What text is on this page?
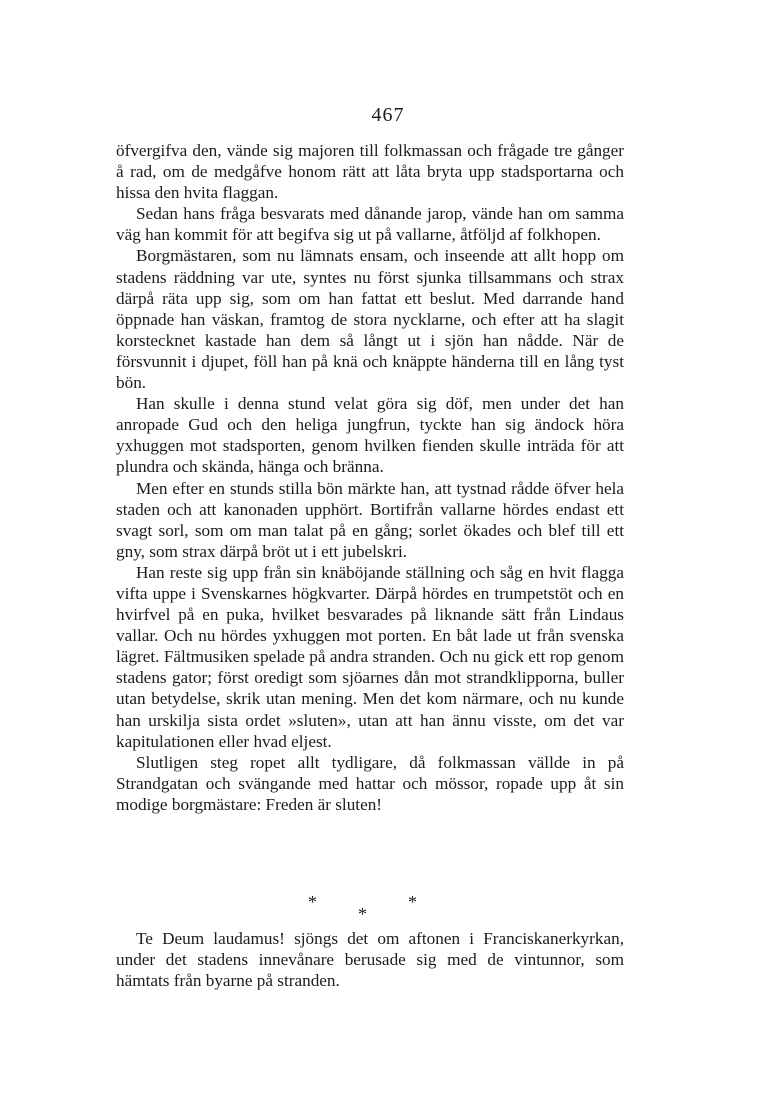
467

öfvergifva den, vände sig majoren till folkmassan och frågade tre gånger å rad, om de medgåfve honom rätt att låta bryta upp stadsportarna och hissa den hvita flaggan.

Sedan hans fråga besvarats med dånande jarop, vände han om samma väg han kommit för att begifva sig ut på vallarne, åtföljd af folkhopen.

Borgmästaren, som nu lämnats ensam, och inseende att allt hopp om stadens räddning var ute, syntes nu först sjunka tillsammans och strax därpå räta upp sig, som om han fattat ett beslut. Med darrande hand öppnade han väskan, framtog de stora nycklarne, och efter att ha slagit korstecknet kastade han dem så långt ut i sjön han nådde. När de försvunnit i djupet, föll han på knä och knäppte händerna till en lång tyst bön.

Han skulle i denna stund velat göra sig döf, men under det han anropade Gud och den heliga jungfrun, tyckte han sig ändock höra yxhuggen mot stadsporten, genom hvilken fienden skulle inträda för att plundra och skända, hänga och bränna.

Men efter en stunds stilla bön märkte han, att tystnad rådde öfver hela staden och att kanonaden upphört. Bortifrån vallarne hördes endast ett svagt sorl, som om man talat på en gång; sorlet ökades och blef till ett gny, som strax därpå bröt ut i ett jubelskri.

Han reste sig upp från sin knäböjande ställning och såg en hvit flagga vifta uppe i Svenskarnes högkvarter. Därpå hördes en trumpetstöt och en hvirfvel på en puka, hvilket besvarades på liknande sätt från Lindaus vallar. Och nu hördes yxhuggen mot porten. En båt lade ut från svenska lägret. Fältmusiken spelade på andra stranden. Och nu gick ett rop genom stadens gator; först oredigt som sjöarnes dån mot strandklipporna, buller utan betydelse, skrik utan mening. Men det kom närmare, och nu kunde han urskilja sista ordet »sluten», utan att han ännu visste, om det var kapitulationen eller hvad eljest.

Slutligen steg ropet allt tydligare, då folkmassan vällde in på Strandgatan och svängande med hattar och mössor, ropade upp åt sin modige borgmästare: Freden är sluten!

*
*
*

Te Deum laudamus! sjöngs det om aftonen i Franciskanerkyrkan, under det stadens innevånare berusade sig med de vintunnor, som hämtats från byarne på stranden.
